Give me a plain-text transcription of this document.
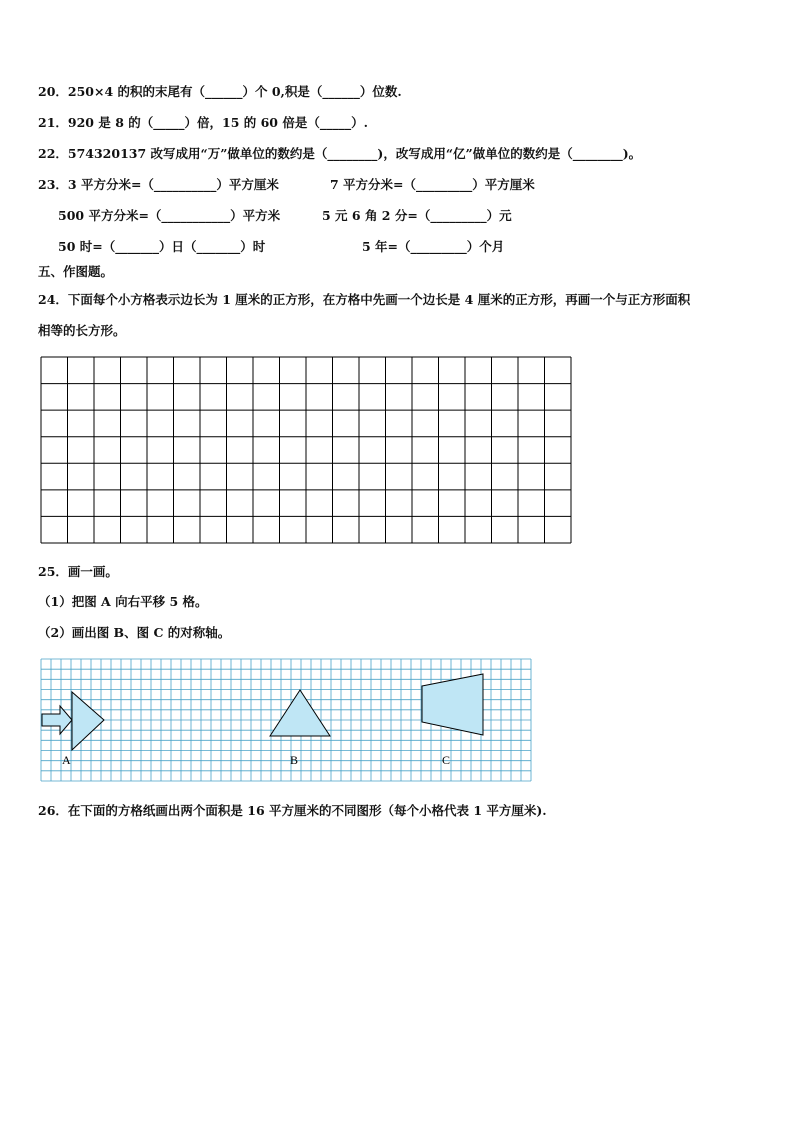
20．250×4 的积的末尾有（______）个 0,积是（______）位数.
21．920 是 8 的（_____）倍，15 的 60 倍是（_____）.
22．574320137 改写成用“万”做单位的数约是（________)，改写成用“亿”做单位的数约是（________)。
23．3 平方分米=（__________）平方厘米	7 平方分米=（_________）平方厘米
500 平方分米=（___________）平方米	5 元 6 角 2 分=（_________）元
50 时=（_______）日（_______）时	5 年=（_________）个月
五、作图题。
24．下面每个小方格表示边长为 1 厘米的正方形，在方格中先画一个边长是 4 厘米的正方形，再画一个与正方形面积
相等的长方形。
25．画一画。
（1）把图 A 向右平移 5 格。
（2）画出图 B、图 C 的对称轴。
A	B	C
26．在下面的方格纸画出两个面积是 16 平方厘米的不同图形（每个小格代表 1 平方厘米).
